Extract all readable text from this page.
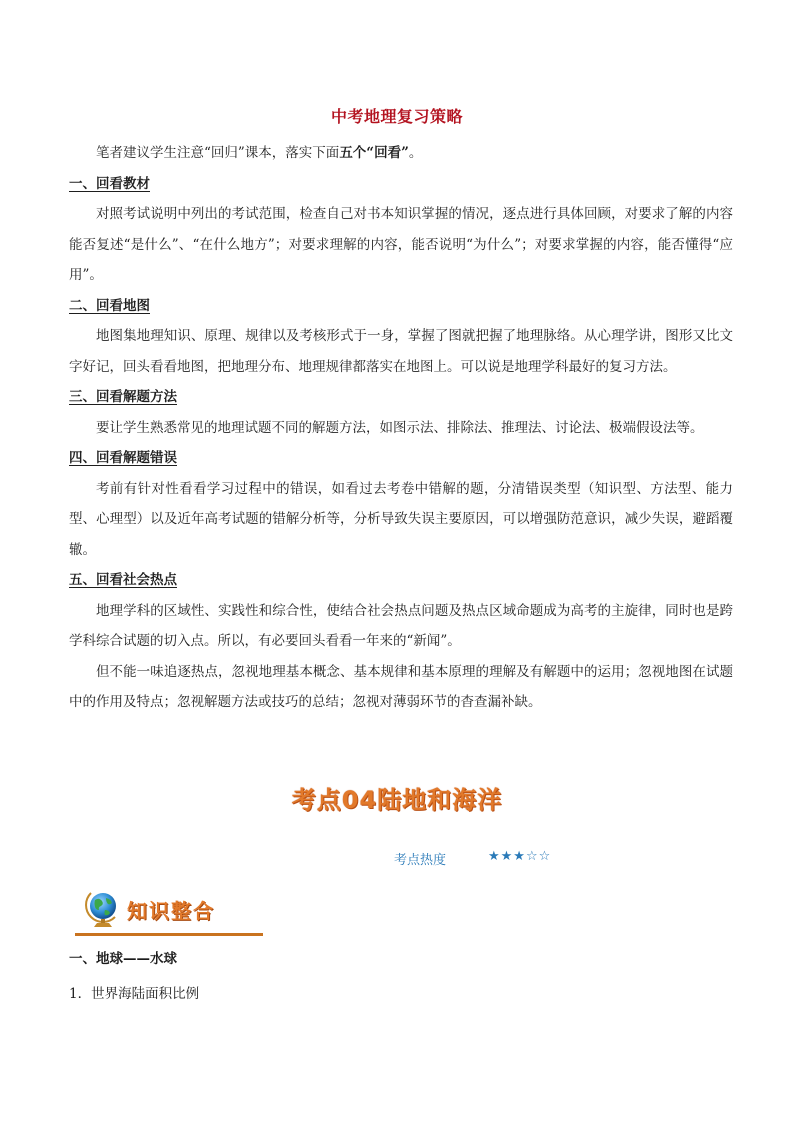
中考地理复习策略

笔者建议学生注意“回归”课本，落实下面五个“回看”。

一、回看教材

对照考试说明中列出的考试范围，检查自己对书本知识掌握的情况，逐点进行具体回顾，对要求了解的内容能否复述“是什么”、“在什么地方”；对要求理解的内容，能否说明“为什么”；对要求掌握的内容，能否懂得“应用”。

二、回看地图

地图集地理知识、原理、规律以及考核形式于一身，掌握了图就把握了地理脉络。从心理学讲，图形又比文字好记，回头看看地图，把地理分布、地理规律都落实在地图上。可以说是地理学科最好的复习方法。

三、回看解题方法

要让学生熟悉常见的地理试题不同的解题方法，如图示法、排除法、推理法、讨论法、极端假设法等。

四、回看解题错误

考前有针对性看看学习过程中的错误，如看过去考卷中错解的题，分清错误类型（知识型、方法型、能力型、心理型）以及近年高考试题的错解分析等，分析导致失误主要原因，可以增强防范意识，减少失误，避蹈覆辙。

五、回看社会热点

地理学科的区域性、实践性和综合性，使结合社会热点问题及热点区域命题成为高考的主旋律，同时也是跨学科综合试题的切入点。所以，有必要回头看看一年来的“新闻”。

但不能一味追逐热点，忽视地理基本概念、基本规律和基本原理的理解及有解题中的运用；忽视地图在试题中的作用及特点；忽视解题方法或技巧的总结；忽视对薄弱环节的杳查漏补缺。

考点04陆地和海洋
考点热度	★★★☆☆
知识整合
一、地球——水球
1．世界海陆面积比例
